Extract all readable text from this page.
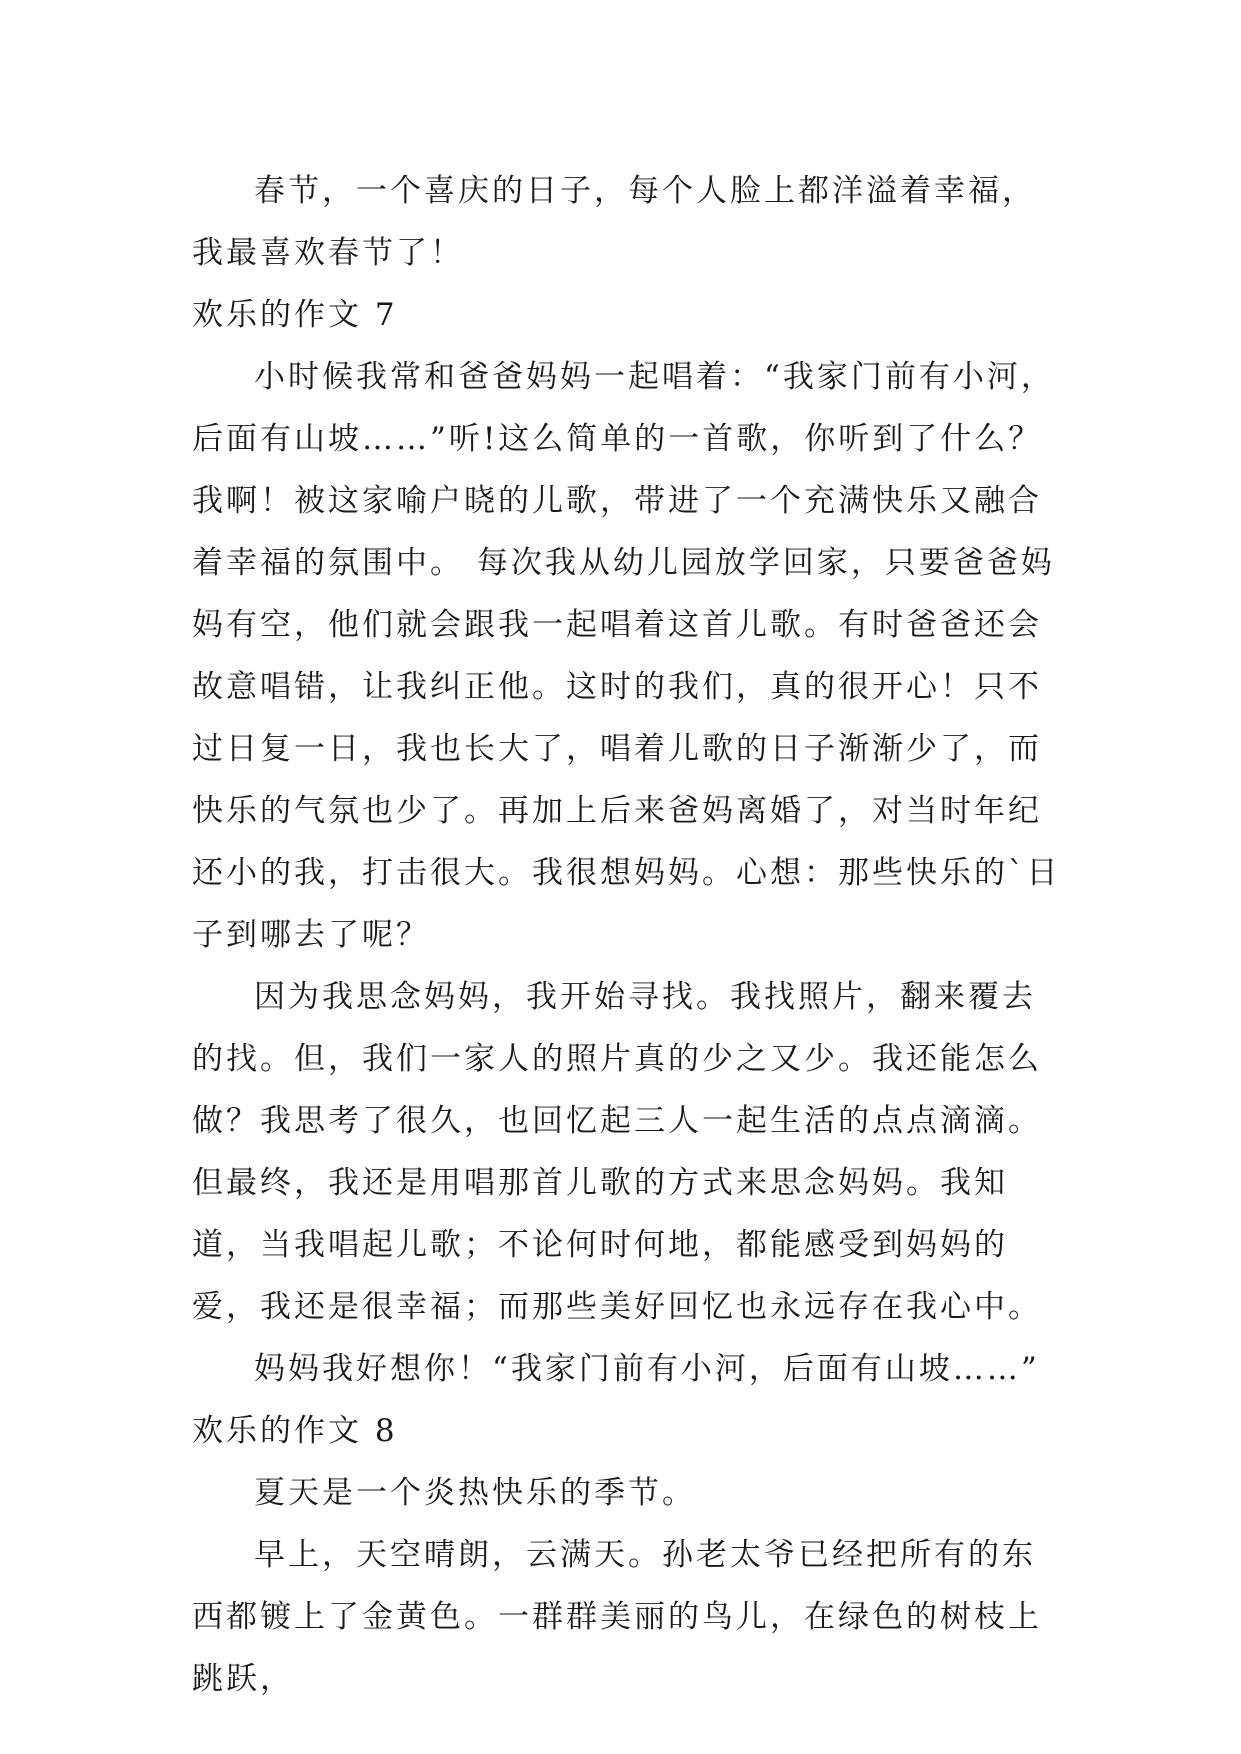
春节，一个喜庆的日子，每个人脸上都洋溢着幸福，我最喜欢春节了！

欢乐的作文 7

小时候我常和爸爸妈妈一起唱着：“我家门前有小河，后面有山坡……”听!这么简单的一首歌，你听到了什么？我啊！被这家喻户晓的儿歌，带进了一个充满快乐又融合着幸福的氛围中。 每次我从幼儿园放学回家，只要爸爸妈妈有空，他们就会跟我一起唱着这首儿歌。有时爸爸还会故意唱错，让我纠正他。这时的我们，真的很开心！只不过日复一日，我也长大了，唱着儿歌的日子渐渐少了，而快乐的气氛也少了。再加上后来爸妈离婚了，对当时年纪还小的我，打击很大。我很想妈妈。心想：那些快乐的`日子到哪去了呢？

因为我思念妈妈，我开始寻找。我找照片，翻来覆去的找。但，我们一家人的照片真的少之又少。我还能怎么做？我思考了很久，也回忆起三人一起生活的点点滴滴。但最终，我还是用唱那首儿歌的方式来思念妈妈。我知道，当我唱起儿歌；不论何时何地，都能感受到妈妈的爱，我还是很幸福；而那些美好回忆也永远存在我心中。

妈妈我好想你！“我家门前有小河，后面有山坡……”

欢乐的作文 8

夏天是一个炎热快乐的季节。

早上，天空晴朗，云满天。孙老太爷已经把所有的东西都镀上了金黄色。一群群美丽的鸟儿，在绿色的树枝上跳跃，
